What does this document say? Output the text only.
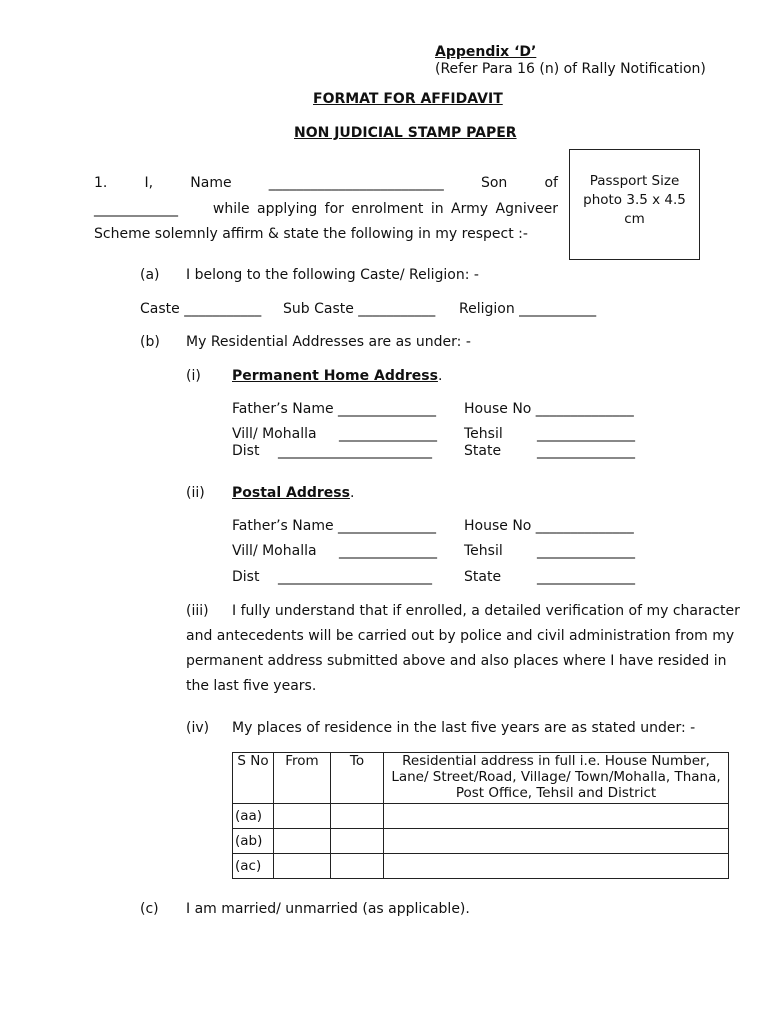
Appendix ‘D’
(Refer Para 16 (n) of Rally Notification)
FORMAT FOR AFFIDAVIT
NON JUDICIAL STAMP PAPER
Passport Size photo 3.5 x 4.5 cm
1.	I,	Name	_________________________	Son	of
____________ while applying for enrolment in Army Agniveer
Scheme solemnly affirm & state the following in my respect :-
(a) I belong to the following Caste/ Religion: -
Caste ___________ Sub Caste ___________ Religion ___________
(b) My Residential Addresses are as under: -
(i) Permanent Home Address.
Father’s Name ______________ House No ______________
Vill/ Mohalla ______________ Tehsil ______________
Dist ______________________ State	______________
(ii) Postal Address.
Father’s Name ______________ House No ______________
Vill/ Mohalla ______________ Tehsil ______________
Dist ______________________ State	______________
(iii) I fully understand that if enrolled, a detailed verification of my character
and antecedents will be carried out by police and civil administration from my
permanent address submitted above and also places where I have resided in
the last five years.
(iv) My places of residence in the last five years are as stated under: -
S No	From	To	Residential address in full i.e. House Number, Lane/ Street/Road, Village/ Town/Mohalla, Thana, Post Office, Tehsil and District
(aa)			
(ab)			
(ac)			
(c) I am married/ unmarried (as applicable).
